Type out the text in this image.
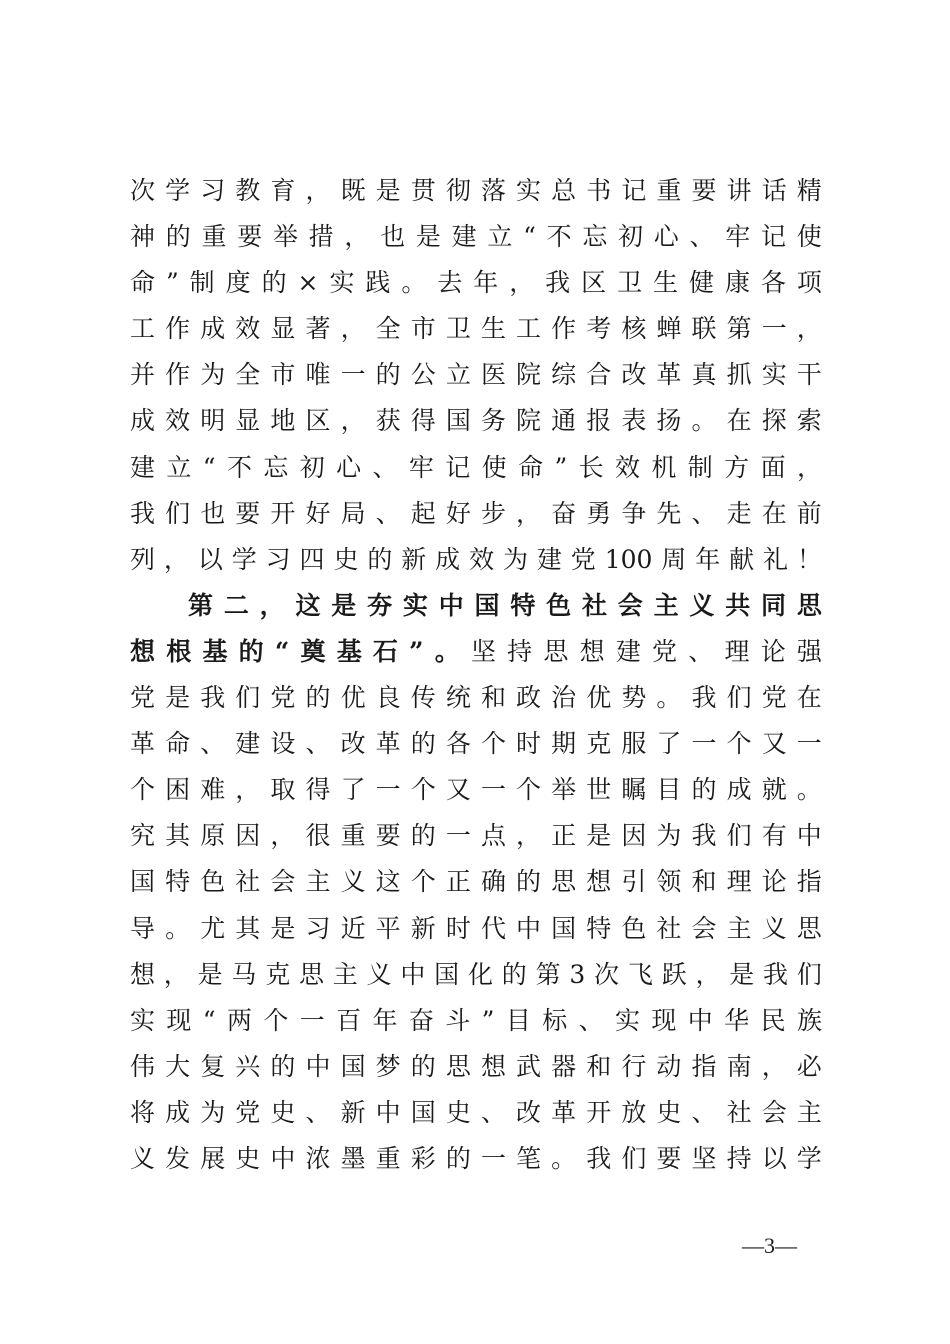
次学习教育，既是贯彻落实总书记重要讲话精
神的重要举措，也是建立“不忘初心、牢记使
命”制度的×实践。去年，我区卫生健康各项
工作成效显著，全市卫生工作考核蝉联第一，
并作为全市唯一的公立医院综合改革真抓实干
成效明显地区，获得国务院通报表扬。在探索
建立“不忘初心、牢记使命”长效机制方面，
我们也要开好局、起好步，奋勇争先、走在前
列，以学习四史的新成效为建党100周年献礼！
第二，这是夯实中国特色社会主义共同思
想根基的“奠基石”。坚持思想建党、理论强
党是我们党的优良传统和政治优势。我们党在
革命、建设、改革的各个时期克服了一个又一
个困难，取得了一个又一个举世瞩目的成就。
究其原因，很重要的一点，正是因为我们有中
国特色社会主义这个正确的思想引领和理论指
导。尤其是习近平新时代中国特色社会主义思
想，是马克思主义中国化的第3次飞跃，是我们
实现“两个一百年奋斗”目标、实现中华民族
伟大复兴的中国梦的思想武器和行动指南，必
将成为党史、新中国史、改革开放史、社会主
义发展史中浓墨重彩的一笔。我们要坚持以学
—3—
